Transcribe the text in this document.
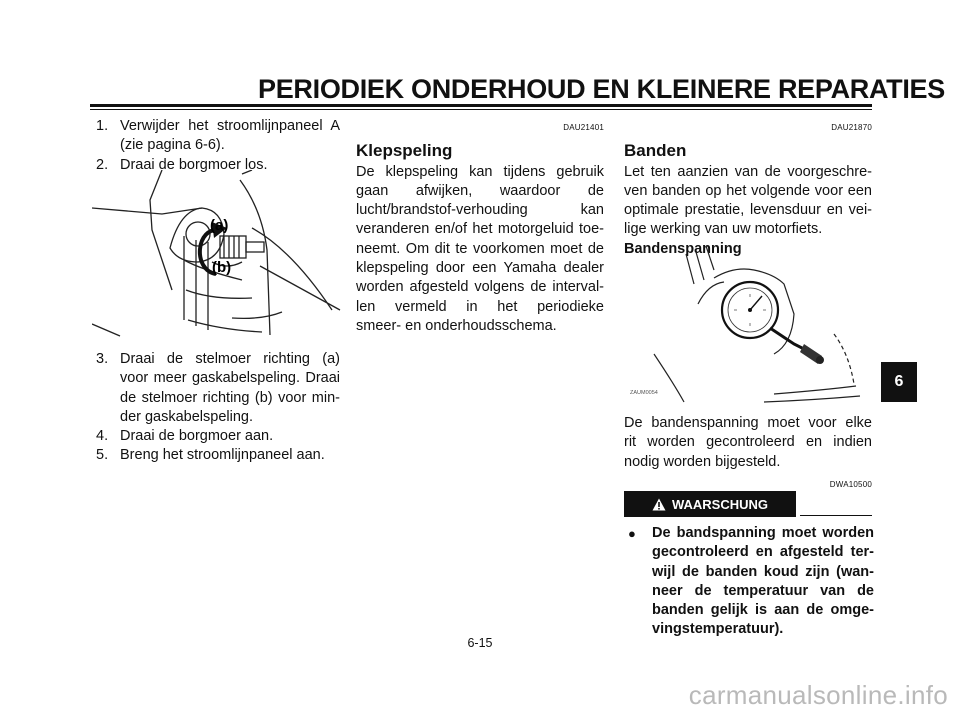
PERIODIEK ONDERHOUD EN KLEINERE REPARATIES
1. Verwijder het stroomlijnpaneel A

(zie pagina 6-6).

2. Draai de borgmoer los.

(a)
(b)
3. Draai de stelmoer richting (a)

voor meer gaskabelspeling. Draai

de stelmoer richting (b) voor min-

der gaskabelspeling.

4. Draai de borgmoer aan.

5. Breng het stroomlijnpaneel aan.

DAU21401

Klepspeling

De klepspeling kan tijdens gebruik

gaan afwijken, waardoor de

lucht/brandstof-verhouding kan

veranderen en/of het motorgeluid toe-

neemt. Om dit te voorkomen moet de

klepspeling door een Yamaha dealer

worden afgesteld volgens de interval-

len vermeld in het periodieke

smeer- en onderhoudsschema.

DAU21870

Banden

Let ten aanzien van de voorgeschre-

ven banden op het volgende voor een

optimale prestatie, levensduur en vei-

lige werking van uw motorfiets.

Bandenspanning

ZAUM0054

De bandenspanning moet voor elke

rit worden gecontroleerd en indien

nodig worden bijgesteld.

DWA10500
WAARSCHUNG
● De bandspanning moet worden

gecontroleerd en afgesteld ter-

wijl de banden koud zijn (wan-

neer de temperatuur van de

banden gelijk is aan de omge-

vingstemperatuur).

6
6-15
carmanualsonline.info
